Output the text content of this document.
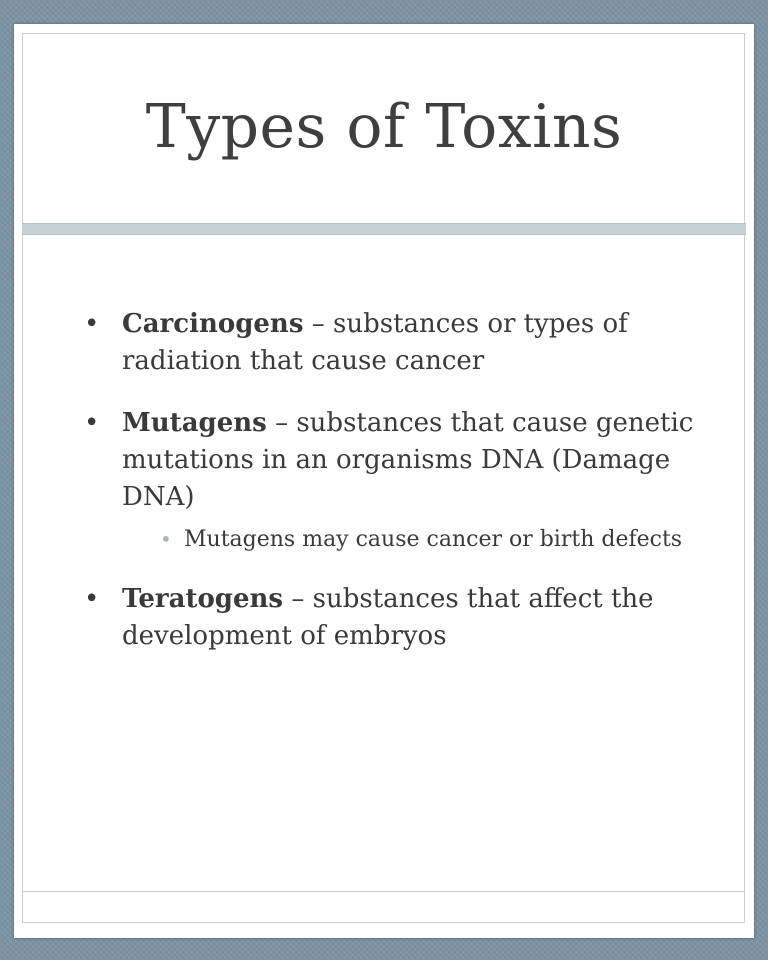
Types of Toxins
• Carcinogens – substances or types of radiation that cause cancer
• Mutagens – substances that cause genetic mutations in an organisms DNA (Damage DNA)
• Mutagens may cause cancer or birth defects
• Teratogens – substances that affect the development of embryos
